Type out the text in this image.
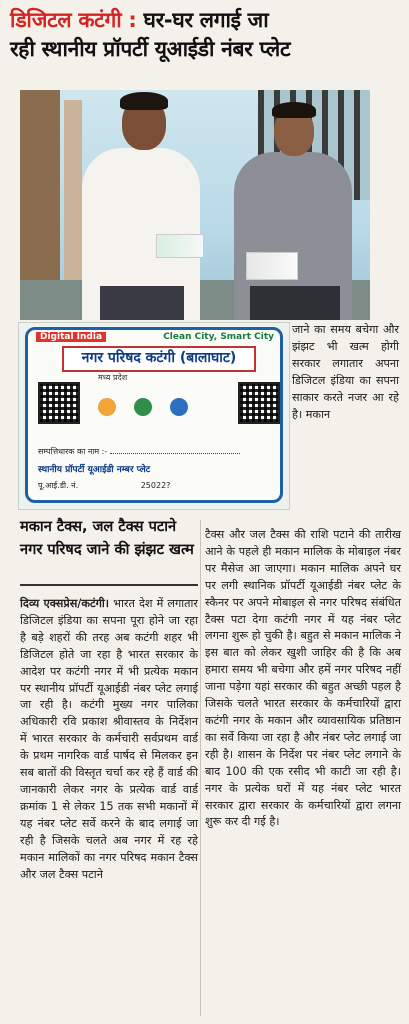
डिजिटल कटंगी : घर-घर लगाई जा
रही स्थानीय प्रॉपर्टी यूआईडी नंबर प्लेट
Digital India	Clean City, Smart City
नगर परिषद कटंगी (बालाघाट)
मध्य प्रदेश
सम्पत्तिधारक का नाम :-
स्थानीय प्रॉपर्टी यूआईडी नम्बर प्लेट
पू.आई.डी. नं.	25022?
जाने का समय बचेगा और झंझट भी खत्म होगी सरकार लगातार अपना डिजिटल इंडिया का सपना साकार करते नजर आ रहे है। मकान
मकान टैक्स, जल टैक्स पटाने नगर परिषद जाने की झंझट खत्म
दिव्य एक्सप्रेस/कटंगी। भारत देश में लगातार डिजिटल इंडिया का सपना पूरा होने जा रहा है बड़े शहरों की तरह अब कटंगी शहर भी डिजिटल होते जा रहा है भारत सरकार के आदेश पर कटंगी नगर में भी प्रत्येक मकान पर स्थानीय प्रॉपर्टी यूआईडी नंबर प्लेट लगाई जा रही है। कटंगी मुख्य नगर पालिका अधिकारी रवि प्रकाश श्रीवास्तव के निर्देशन में भारत सरकार के कर्मचारी सर्वप्रथम वार्ड के प्रथम नागरिक वार्ड पार्षद से मिलकर इन सब बातों की विस्तृत चर्चा कर रहे हैं वार्ड की जानकारी लेकर नगर के प्रत्येक वार्ड वार्ड क्रमांक 1 से लेकर 15 तक सभी मकानों में यह नंबर प्लेट सर्वे करने के बाद लगाई जा रही है जिसके चलते अब नगर में रह रहे मकान मालिकों का नगर परिषद मकान टैक्स और जल टैक्स पटाने
टैक्स और जल टैक्स की राशि पटाने की तारीख आने के पहले ही मकान मालिक के मोबाइल नंबर पर मैसेज आ जाएगा। मकान मालिक अपने घर पर लगी स्थानिक प्रॉपर्टी यूआईडी नंबर प्लेट के स्कैनर पर अपने मोबाइल से नगर परिषद संबंधित टैक्स पटा देगा कटंगी नगर में यह नंबर प्लेट लगना शुरू हो चुकी है। बहुत से मकान मालिक ने इस बात को लेकर खुशी जाहिर की है कि अब हमारा समय भी बचेगा और हमें नगर परिषद नहीं जाना पड़ेगा यहां सरकार की बहुत अच्छी पहल है जिसके चलते भारत सरकार के कर्मचारियों द्वारा कटंगी नगर के मकान और व्यावसायिक प्रतिष्ठान का सर्वे किया जा रहा है और नंबर प्लेट लगाई जा रही है। शासन के निर्देश पर नंबर प्लेट लगाने के बाद 100 की एक रसीद भी काटी जा रही है। नगर के प्रत्येक घरों में यह नंबर प्लेट भारत सरकार द्वारा सरकार के कर्मचारियों द्वारा लगना शुरू कर दी गई है।
